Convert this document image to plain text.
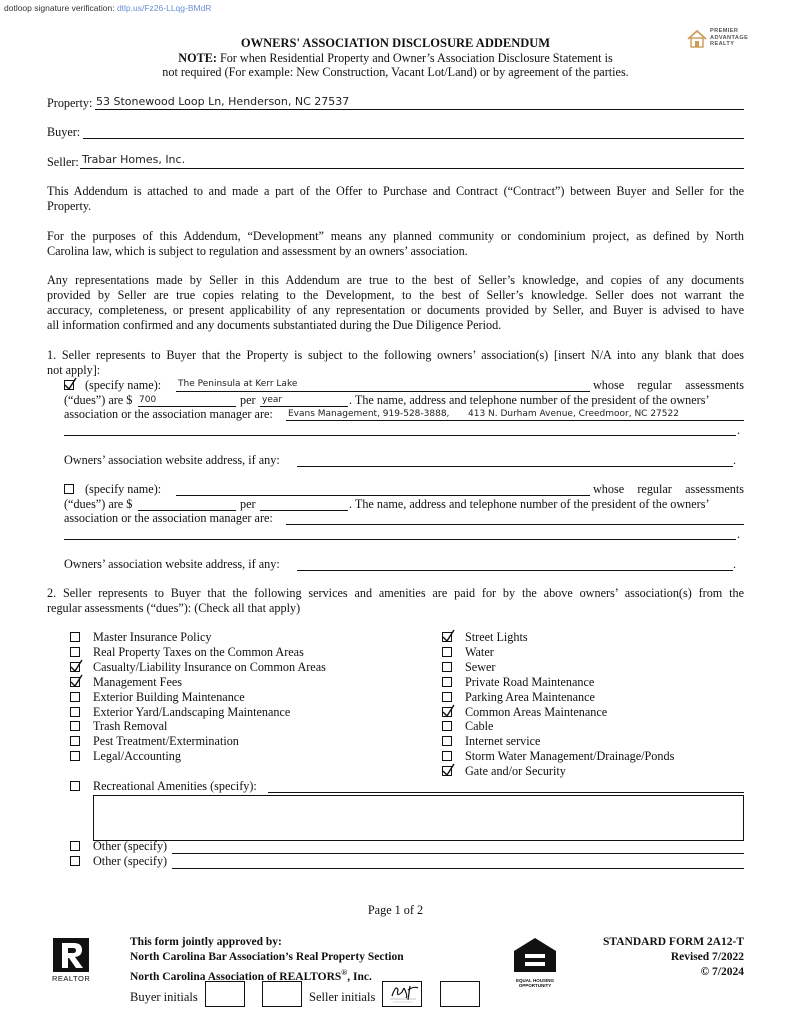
dotloop signature verification: dtlp.us/Fz26-LLqg-BMdR
PREMIER
ADVANTAGE
REALTY
OWNERS' ASSOCIATION DISCLOSURE ADDENDUM
NOTE: For when Residential Property and Owner’s Association Disclosure Statement is
not required (For example: New Construction, Vacant Lot/Land) or by agreement of the parties.
Property: 53 Stonewood Loop Ln, Henderson, NC 27537
Buyer:
Seller: Trabar Homes, Inc.
This Addendum is attached to and made a part of the Offer to Purchase and Contract (“Contract”) between Buyer and Seller for the
Property.
For the purposes of this Addendum, “Development” means any planned community or condominium project, as defined by North
Carolina law, which is subject to regulation and assessment by an owners’ association.
Any representations made by Seller in this Addendum are true to the best of Seller’s knowledge, and copies of any documents
provided by Seller are true copies relating to the Development, to the best of Seller’s knowledge. Seller does not warrant the
accuracy, completeness, or present applicability of any representation or documents provided by Seller, and Buyer is advised to have
all information confirmed and any documents substantiated during the Due Diligence Period.
1. Seller represents to Buyer that the Property is subject to the following owners’ association(s) [insert N/A into any blank that does
not apply]:
(specify name): The Peninsula at Kerr Lake	whose regular assessments
(“dues”) are $ 700	per year	. The name, address and telephone number of the president of the owners’
association or the association manager are: Evans Management, 919-528-3888, 413 N. Durham Avenue, Creedmoor, NC 27522
.
Owners’ association website address, if any:	.
(specify name):	whose regular assessments
(“dues”) are $	per	. The name, address and telephone number of the president of the owners’
association or the association manager are:
.
Owners’ association website address, if any:	.
2. Seller represents to Buyer that the following services and amenities are paid for by the above owners’ association(s) from the
regular assessments (“dues”): (Check all that apply)
Master Insurance Policy
Real Property Taxes on the Common Areas
Casualty/Liability Insurance on Common Areas
Management Fees
Exterior Building Maintenance
Exterior Yard/Landscaping Maintenance
Trash Removal
Pest Treatment/Extermination
Legal/Accounting
Street Lights
Water
Sewer
Private Road Maintenance
Parking Area Maintenance
Common Areas Maintenance
Cable
Internet service
Storm Water Management/Drainage/Ponds
Gate and/or Security
Recreational Amenities (specify):
Other (specify)
Other (specify)
Page 1 of 2
REALTOR
This form jointly approved by:
North Carolina Bar Association’s Real Property Section
North Carolina Association of REALTORS®, Inc.	EQUAL HOUSING
OPPORTUNITY
STANDARD FORM 2A12-T
Revised 7/2022
© 7/2024
Buyer initials	Seller initials
